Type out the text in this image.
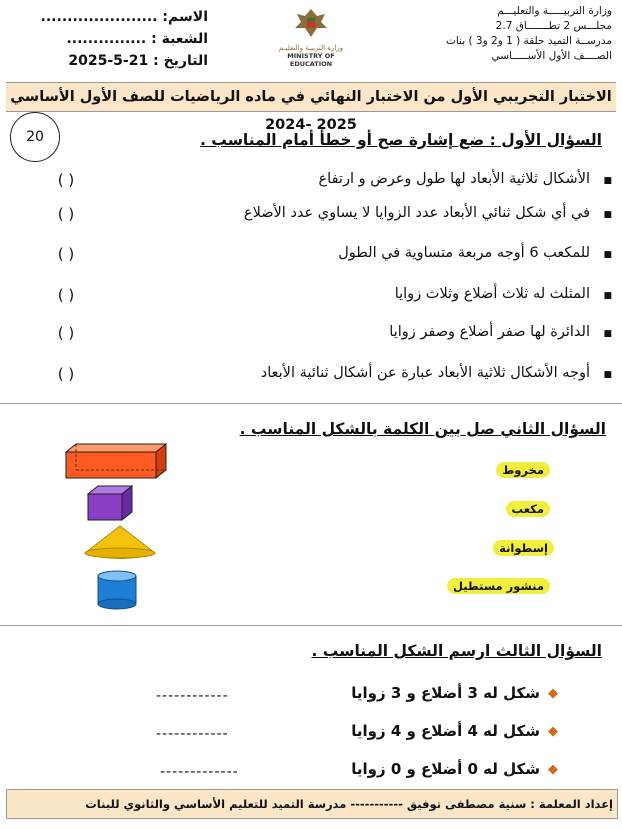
الاسم: ......................
الشعبة : ...............
التاريخ : 21-5-2025
وزارة التربيـة والتعليـم
MINISTRY OF EDUCATION
وزارة التربيـــــة والتعليـــم
مجلـــس 2 تطـــــــاق 2.7
مدرســة التميد حلقة ( 1 و2 و3 ) بنات
الصــــف الأول الأســـــاسي
الاختبار التجريبي الأول من الاختبار النهائي في ماده الرياضيات للصف الأول الأساسي 2025 -2024
20	السؤال الأول : ضع إشارة صح أو خطأ أمام المناسب .
الأشكال ثلاثية الأبعاد لها طول وعرض و ارتفاع ■
( )
في أي شكل ثنائي الأبعاد عدد الزوايا لا يساوي عدد الأضلاع ■
( )
للمكعب 6 أوجه مربعة متساوية في الطول ■
( )
المثلث له ثلاث أضلاع وثلاث زوايا ■
( )
الدائرة لها صفر أضلاع وصفر زوايا ■
( )
أوجه الأشكال ثلاثية الأبعاد عبارة عن أشكال ثنائية الأبعاد ■
( )
السؤال الثاني صل بين الكلمة بالشكل المناسب .
مخروط
مكعب
إسطوانة
منشور مستطيل
السؤال الثالث ارسم الشكل المناسب .
◆
شكل له 3 أضلاع و 3 زوايا
------------
◆
شكل له 4 أضلاع و 4 زوايا
------------
◆
شكل له 0 أضلاع و 0 زوايا
-------------
إعداد المعلمة : سنية مصطفى توفيق ----------- مدرسة التميد للتعليم الأساسي والثانوي للبنات
